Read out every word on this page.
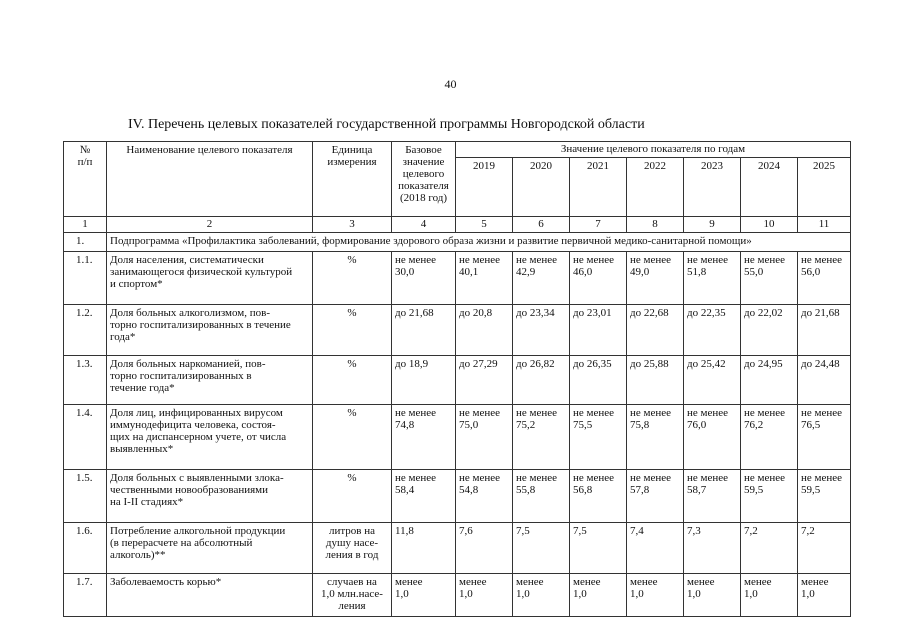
40
IV. Перечень целевых показателей государственной программы Новгородской области
№
п/п	Наименование целевого показателя	Единица
измерения	Базовое
значение
целевого
показателя
(2018 год)	Значение целевого показателя по годам						
				2019	2020	2021	2022	2023	2024	2025
1	2	3	4	5	6	7	8	9	10	11
1.	Подпрограмма «Профилактика заболеваний, формирование здорового образа жизни и развитие первичной медико-санитарной помощи»									
1.1.	Доля населения, систематически
занимающегося физической культурой
и спортом*	%	не менее
30,0	не менее
40,1	не менее
42,9	не менее
46,0	не менее
49,0	не менее
51,8	не менее
55,0	не менее
56,0
1.2.	Доля больных алкоголизмом, пов-
торно госпитализированных в течение
года*	%	до 21,68	до 20,8	до 23,34	до 23,01	до 22,68	до 22,35	до 22,02	до 21,68
1.3.	Доля больных наркоманией, пов-
торно госпитализированных в
течение года*	%	до 18,9	до 27,29	до 26,82	до 26,35	до 25,88	до 25,42	до 24,95	до 24,48
1.4.	Доля лиц, инфицированных вирусом
иммунодефицита человека, состоя-
щих на диспансерном учете, от числа
выявленных*	%	не менее
74,8	не менее
75,0	не менее
75,2	не менее
75,5	не менее
75,8	не менее
76,0	не менее
76,2	не менее
76,5
1.5.	Доля больных с выявленными злока-
чественными новообразованиями
на I-II стадиях*	%	не менее
58,4	не менее
54,8	не менее
55,8	не менее
56,8	не менее
57,8	не менее
58,7	не менее
59,5	не менее
59,5
1.6.	Потребление алкогольной продукции
(в перерасчете на абсолютный
алкоголь)**	литров на
душу насе-
ления в год	11,8	7,6	7,5	7,5	7,4	7,3	7,2	7,2
1.7.	Заболеваемость корью*	случаев на
1,0 млн.насе-
ления	менее
1,0	менее
1,0	менее
1,0	менее
1,0	менее
1,0	менее
1,0	менее
1,0	менее
1,0
